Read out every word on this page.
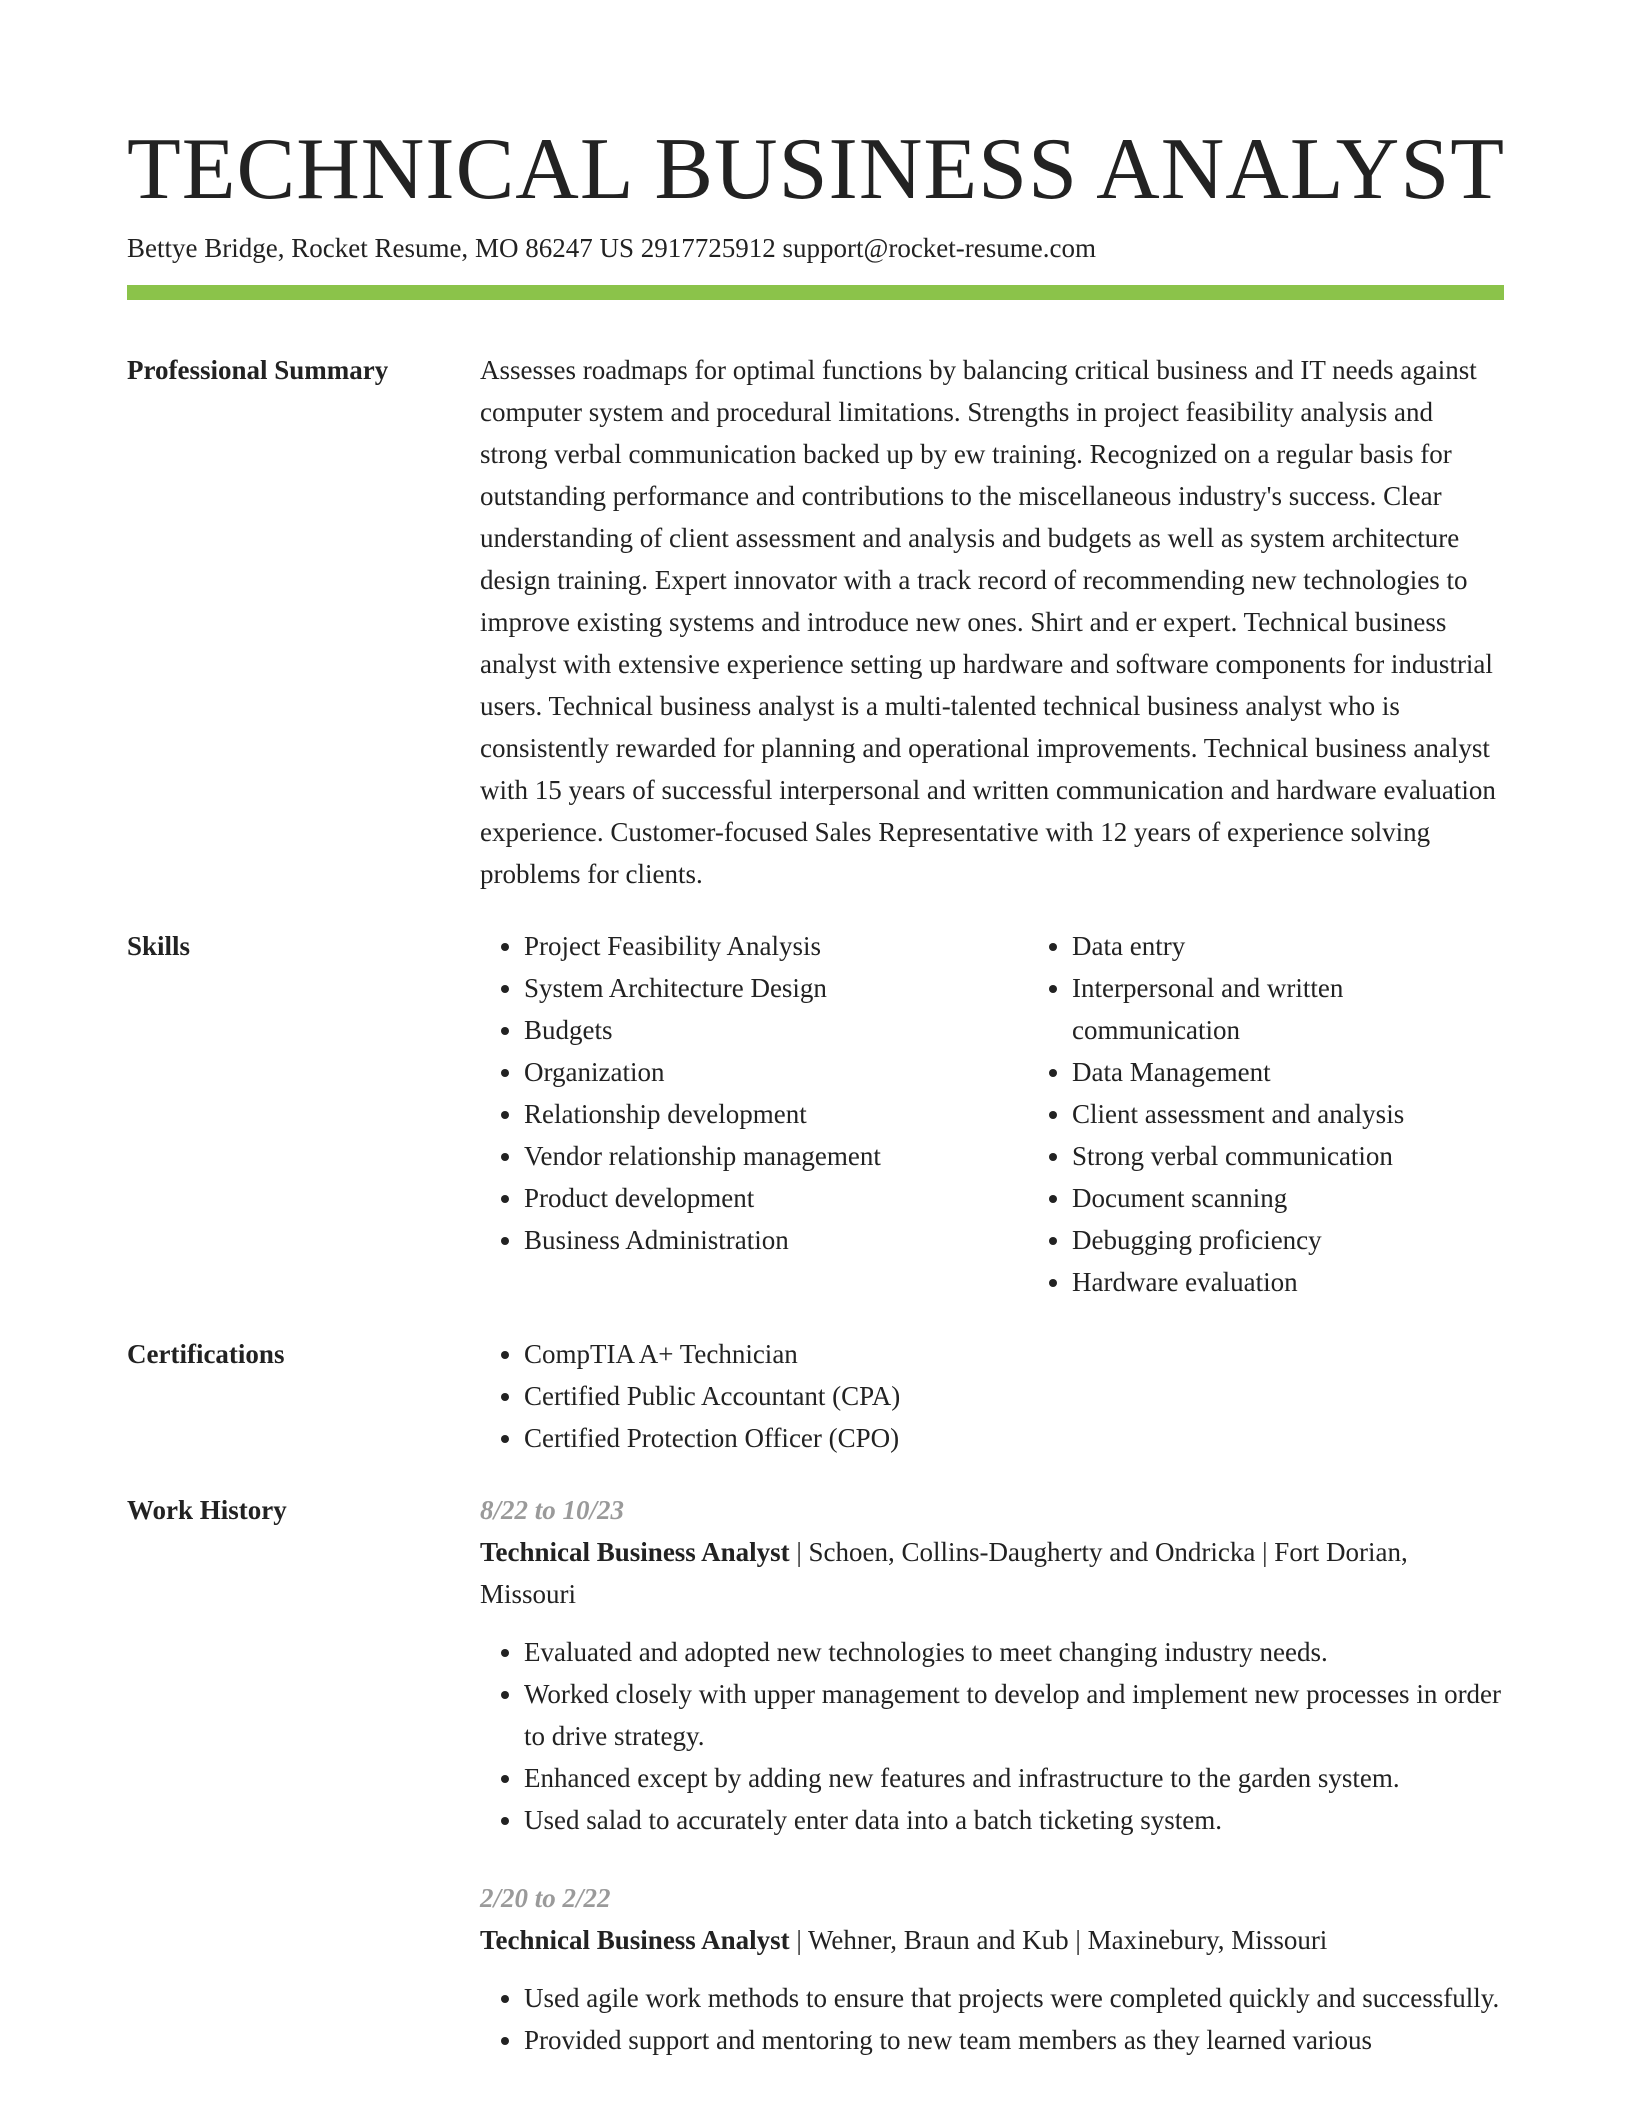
TECHNICAL BUSINESS ANALYST
Bettye Bridge, Rocket Resume, MO 86247 US 2917725912 support@rocket-resume.com
Professional Summary	Assesses roadmaps for optimal functions by balancing critical business and IT needs against computer system and procedural limitations. Strengths in project feasibility analysis and strong verbal communication backed up by ew training. Recognized on a regular basis for outstanding performance and contributions to the miscellaneous industry's success. Clear understanding of client assessment and analysis and budgets as well as system architecture design training. Expert innovator with a track record of recommending new technologies to improve existing systems and introduce new ones. Shirt and er expert. Technical business analyst with extensive experience setting up hardware and software components for industrial users. Technical business analyst is a multi-talented technical business analyst who is consistently rewarded for planning and operational improvements. Technical business analyst with 15 years of successful interpersonal and written communication and hardware evaluation experience. Customer-focused Sales Representative with 12 years of experience solving problems for clients.

Skills	• Project Feasibility Analysis
• System Architecture Design
• Budgets
• Organization
• Relationship development
• Vendor relationship management
• Product development
• Business Administration
• Data entry
• Interpersonal and written communication
• Data Management
• Client assessment and analysis
• Strong verbal communication
• Document scanning
• Debugging proficiency
• Hardware evaluation
Certifications	• CompTIA A+ Technician
• Certified Public Accountant (CPA)
• Certified Protection Officer (CPO)
Work History	8/22 to 10/23

Technical Business Analyst | Schoen, Collins-Daugherty and Ondricka | Fort Dorian, Missouri

• Evaluated and adopted new technologies to meet changing industry needs.
• Worked closely with upper management to develop and implement new processes in order to drive strategy.
• Enhanced except by adding new features and infrastructure to the garden system.
• Used salad to accurately enter data into a batch ticketing system.
2/20 to 2/22

Technical Business Analyst | Wehner, Braun and Kub | Maxinebury, Missouri

• Used agile work methods to ensure that projects were completed quickly and successfully.
• Provided support and mentoring to new team members as they learned various
